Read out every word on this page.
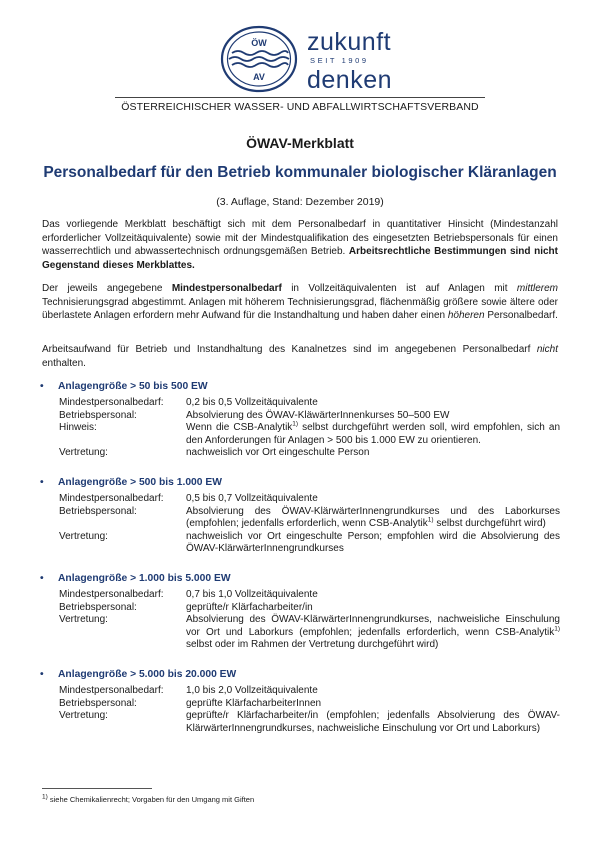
ÖW
AV
zukunft
SEIT 1909
denken
ÖSTERREICHISCHER WASSER- UND ABFALLWIRTSCHAFTSVERBAND
ÖWAV-Merkblatt
Personalbedarf für den Betrieb kommunaler biologischer Kläranlagen
(3. Auflage, Stand: Dezember 2019)
Das vorliegende Merkblatt beschäftigt sich mit dem Personalbedarf in quantitativer Hinsicht (Mindestanzahl erforderlicher Vollzeitäquivalente) sowie mit der Mindestqualifikation des eingesetzten Betriebspersonals für einen wasserrechtlich und abwassertechnisch ordnungsgemäßen Betrieb. Arbeitsrechtliche Bestimmungen sind nicht Gegenstand dieses Merkblattes.
Der jeweils angegebene Mindestpersonalbedarf in Vollzeitäquivalenten ist auf Anlagen mit mittlerem Technisierungsgrad abgestimmt. Anlagen mit höherem Technisierungsgrad, flächenmäßig größere sowie ältere oder überlastete Anlagen erfordern mehr Aufwand für die Instandhaltung und haben daher einen höheren Personalbedarf.
Arbeitsaufwand für Betrieb und Instandhaltung des Kanalnetzes sind im angegebenen Personalbedarf nicht enthalten.
• Anlagengröße > 50 bis 500 EW
Mindestpersonalbedarf:	0,2 bis 0,5 Vollzeitäquivalente
Betriebspersonal:	Absolvierung des ÖWAV-KläwärterInnenkurses 50–500 EW
Hinweis:	Wenn die CSB-Analytik$^{1)}$ selbst durchgeführt werden soll, wird empfohlen, sich an den Anforderungen für Anlagen > 500 bis 1.000 EW zu orientieren.
Vertretung:	nachweislich vor Ort eingeschulte Person
• Anlagengröße > 500 bis 1.000 EW
Mindestpersonalbedarf:	0,5 bis 0,7 Vollzeitäquivalente
Betriebspersonal:	Absolvierung des ÖWAV-KlärwärterInnengrundkurses und des Laborkurses (empfohlen; jedenfalls erforderlich, wenn CSB-Analytik$^{1)}$ selbst durchgeführt wird)
Vertretung:	nachweislich vor Ort eingeschulte Person; empfohlen wird die Absolvierung des ÖWAV-KlärwärterInnengrundkurses
• Anlagengröße > 1.000 bis 5.000 EW
Mindestpersonalbedarf:	0,7 bis 1,0 Vollzeitäquivalente
Betriebspersonal:	geprüfte/r Klärfacharbeiter/in
Vertretung:	Absolvierung des ÖWAV-KlärwärterInnengrundkurses, nachweisliche Einschulung vor Ort und Laborkurs (empfohlen; jedenfalls erforderlich, wenn CSB-Analytik$^{1)}$ selbst oder im Rahmen der Vertretung durchgeführt wird)
• Anlagengröße > 5.000 bis 20.000 EW
Mindestpersonalbedarf:	1,0 bis 2,0 Vollzeitäquivalente
Betriebspersonal:	geprüfte KlärfacharbeiterInnen
Vertretung:	geprüfte/r Klärfacharbeiter/in (empfohlen; jedenfalls Absolvierung des ÖWAV-KlärwärterInnengrundkurses, nachweisliche Einschulung vor Ort und Laborkurs)
$^{1)}$ siehe Chemikalienrecht; Vorgaben für den Umgang mit Giften
